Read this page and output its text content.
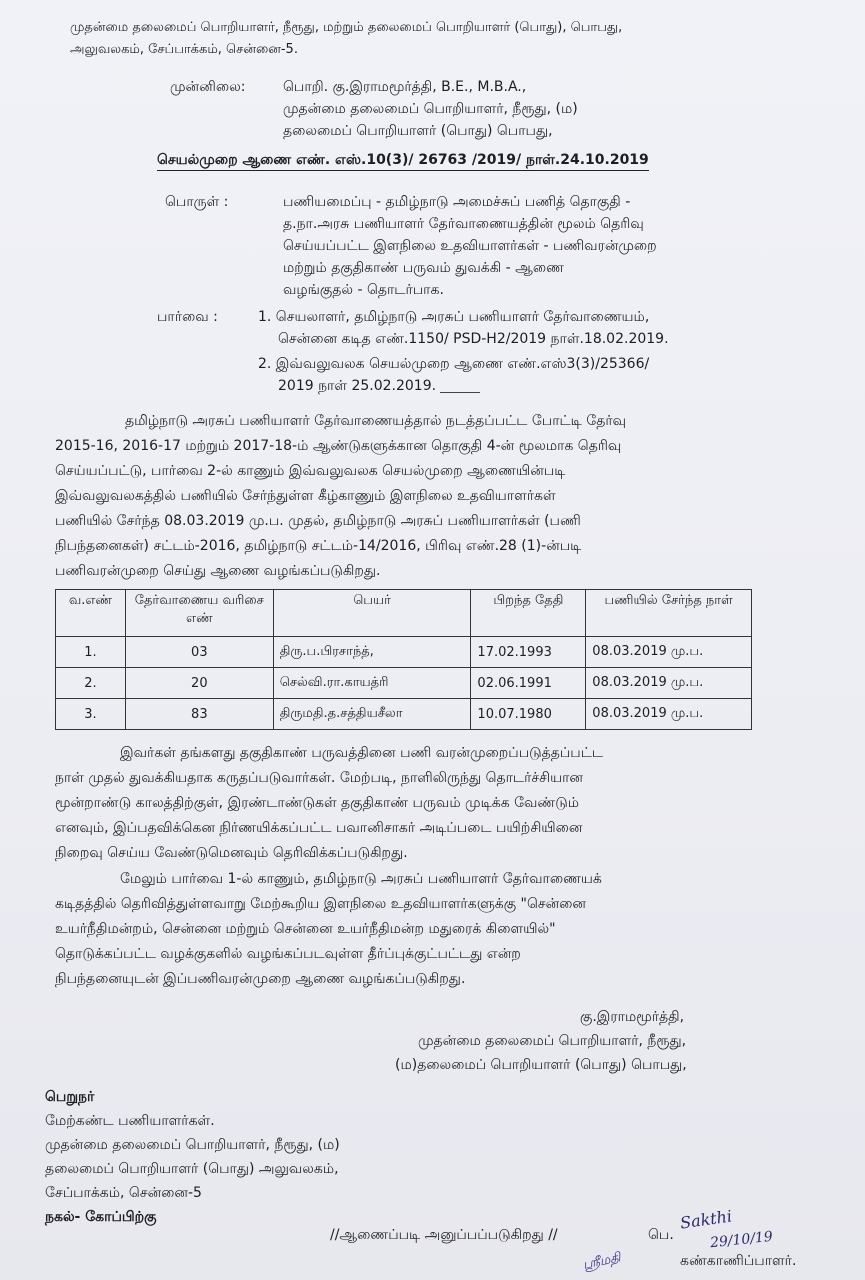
முதன்மை தலைமைப் பொறியாளர், நீரூது, மற்றும் தலைமைப் பொறியாளர் (பொது), பொபது,
அலுவலகம், சேப்பாக்கம், சென்னை-5.
முன்னிலை:	பொறி. கு.இராமமூர்த்தி, B.E., M.B.A.,
முதன்மை தலைமைப் பொறியாளர், நீரூது, (ம)
தலைமைப் பொறியாளர் (பொது) பொபது,
செயல்முறை ஆணை எண். எஸ்.10(3)/ 26763 /2019/ நாள்.24.10.2019
பொருள் :	பணியமைப்பு - தமிழ்நாடு அமைச்சுப் பணித் தொகுதி -
த.நா.அரசு பணியாளர் தேர்வாணையத்தின் மூலம் தெரிவு
செய்யப்பட்ட இளநிலை உதவியாளர்கள் - பணிவரன்முறை
மற்றும் தகுதிகாண் பருவம் துவக்கி - ஆணை
வழங்குதல் - தொடர்பாக.
பார்வை :	1. செயலாளர், தமிழ்நாடு அரசுப் பணியாளர் தேர்வாணையம்,
சென்னை கடித எண்.1150/ PSD-H2/2019 நாள்.18.02.2019.
2. இவ்வலுவலக செயல்முறை ஆணை எண்.எஸ்3(3)/25366/
2019 நாள் 25.02.2019.
தமிழ்நாடு அரசுப் பணியாளர் தேர்வாணையத்தால் நடத்தப்பட்ட போட்டி தேர்வு
2015-16, 2016-17 மற்றும் 2017-18-ம் ஆண்டுகளுக்கான தொகுதி 4-ன் மூலமாக தெரிவு
செய்யப்பட்டு, பார்வை 2-ல் காணும் இவ்வலுவலக செயல்முறை ஆணையின்படி
இவ்வலுவலகத்தில் பணியில் சேர்ந்துள்ள கீழ்காணும் இளநிலை உதவியாளர்கள்
பணியில் சேர்ந்த 08.03.2019 மு.ப. முதல், தமிழ்நாடு அரசுப் பணியாளர்கள் (பணி
நிபந்தனைகள்) சட்டம்-2016, தமிழ்நாடு சட்டம்-14/2016, பிரிவு எண்.28 (1)-ன்படி
பணிவரன்முறை செய்து ஆணை வழங்கப்படுகிறது.
வ.எண்	தேர்வாணைய வரிசை எண்	பெயர்	பிறந்த தேதி	பணியில் சேர்ந்த நாள்
1.	03	திரு.ப.பிரசாந்த்,	17.02.1993	08.03.2019 மு.ப.
2.	20	செல்வி.ரா.காயத்ரி	02.06.1991	08.03.2019 மு.ப.
3.	83	திருமதி.த.சத்தியசீலா	10.07.1980	08.03.2019 மு.ப.
இவர்கள் தங்களது தகுதிகாண் பருவத்தினை பணி வரன்முறைப்படுத்தப்பட்ட
நாள் முதல் துவக்கியதாக கருதப்படுவார்கள். மேற்படி, நாளிலிருந்து தொடர்ச்சியான
மூன்றாண்டு காலத்திற்குள், இரண்டாண்டுகள் தகுதிகாண் பருவம் முடிக்க வேண்டும்
எனவும், இப்பதவிக்கென நிர்ணயிக்கப்பட்ட பவானிசாகர் அடிப்படை பயிற்சியினை
நிறைவு செய்ய வேண்டுமெனவும் தெரிவிக்கப்படுகிறது.
மேலும் பார்வை 1-ல் காணும், தமிழ்நாடு அரசுப் பணியாளர் தேர்வாணையக்
கடிதத்தில் தெரிவித்துள்ளவாறு மேற்கூறிய இளநிலை உதவியாளர்களுக்கு "சென்னை
உயர்நீதிமன்றம், சென்னை மற்றும் சென்னை உயர்நீதிமன்ற மதுரைக் கிளையில்"
தொடுக்கப்பட்ட வழக்குகளில் வழங்கப்படவுள்ள தீர்ப்புக்குட்பட்டது என்ற
நிபந்தனையுடன் இப்பணிவரன்முறை ஆணை வழங்கப்படுகிறது.
கு.இராமமூர்த்தி,
முதன்மை தலைமைப் பொறியாளர், நீரூது,
(ம)தலைமைப் பொறியாளர் (பொது) பொபது,
பெறுநர்
மேற்கண்ட பணியாளர்கள்.
முதன்மை தலைமைப் பொறியாளர், நீரூது, (ம)
தலைமைப் பொறியாளர் (பொது) அலுவலகம்,
சேப்பாக்கம், சென்னை-5
நகல்- கோப்பிற்கு
//ஆணைப்படி அனுப்பப்படுகிறது //	பெ.
கண்காணிப்பாளர்.
Sakthi
29/10/19
ஸ்ரீமதி
